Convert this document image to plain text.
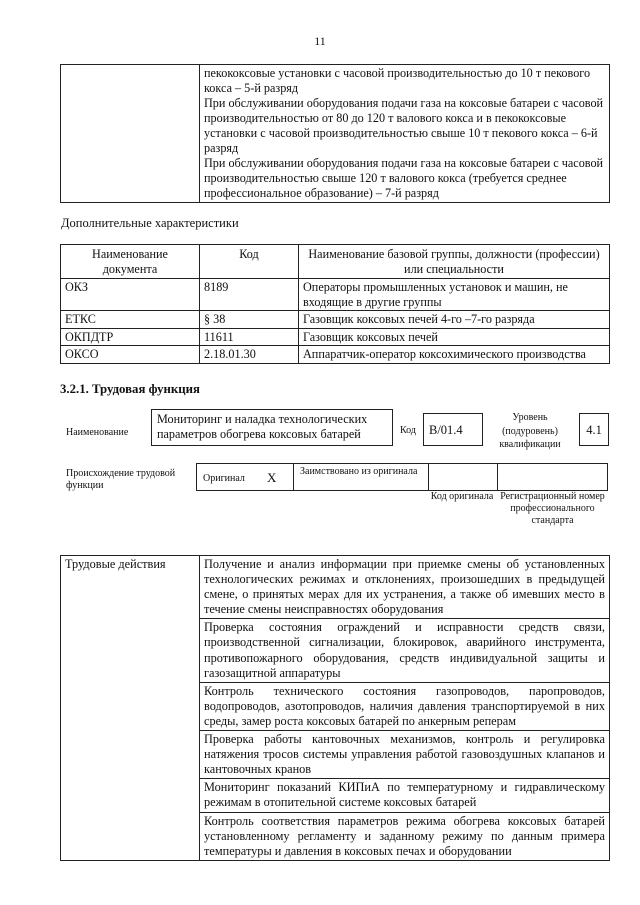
11

пекококсовые установки с часовой производительностью до 10 т пекового кокса – 5-й разряд

При обслуживании оборудования подачи газа на коксовые батареи с часовой производительностью от 80 до 120 т валового кокса и в пекококсовые установки с часовой производительностью свыше 10 т пекового кокса – 6-й разряд

При обслуживании оборудования подачи газа на коксовые батареи с часовой производительностью свыше 120 т валового кокса (требуется среднее профессиональное образование) – 7-й разряд

Дополнительные характеристики
Наименование документа	Код	Наименование базовой группы, должности (профессии) или специальности
ОКЗ	8189	Операторы промышленных установок и машин, не входящие в другие группы
ЕТКС	§ 38	Газовщик коксовых печей 4-го –7-го разряда
ОКПДТР	11611	Газовщик коксовых печей
ОКСО	2.18.01.30	Аппаратчик-оператор коксохимического производства
3.2.1. Трудовая функция
Наименование
Мониторинг и наладка технологических параметров обогрева коксовых батарей	Код	В/01.4
Уровень (подуровень) квалификации
4.1
Происхождение трудовой функции
Оригинал X Заимствовано из оригинала
Код оригинала Регистрационный номер профессионального стандарта
Трудовые действия	Получение и анализ информации при приемке смены об установленных технологических режимах и отклонениях, произошедших в предыдущей смене, о принятых мерах для их устранения, а также об имевших место в течение смены неисправностях оборудования
Проверка состояния ограждений и исправности средств связи, производственной сигнализации, блокировок, аварийного инструмента, противопожарного оборудования, средств индивидуальной защиты и газозащитной аппаратуры
Контроль технического состояния газопроводов, паропроводов, водопроводов, азотопроводов, наличия давления транспортируемой в них среды, замер роста коксовых батарей по анкерным реперам
Проверка работы кантовочных механизмов, контроль и регулировка натяжения тросов системы управления работой газовоздушных клапанов и кантовочных кранов
Мониторинг показаний КИПиА по температурному и гидравлическому режимам в отопительной системе коксовых батарей
Контроль соответствия параметров режима обогрева коксовых батарей установленному регламенту и заданному режиму по данным примера температуры и давления в коксовых печах и оборудовании
